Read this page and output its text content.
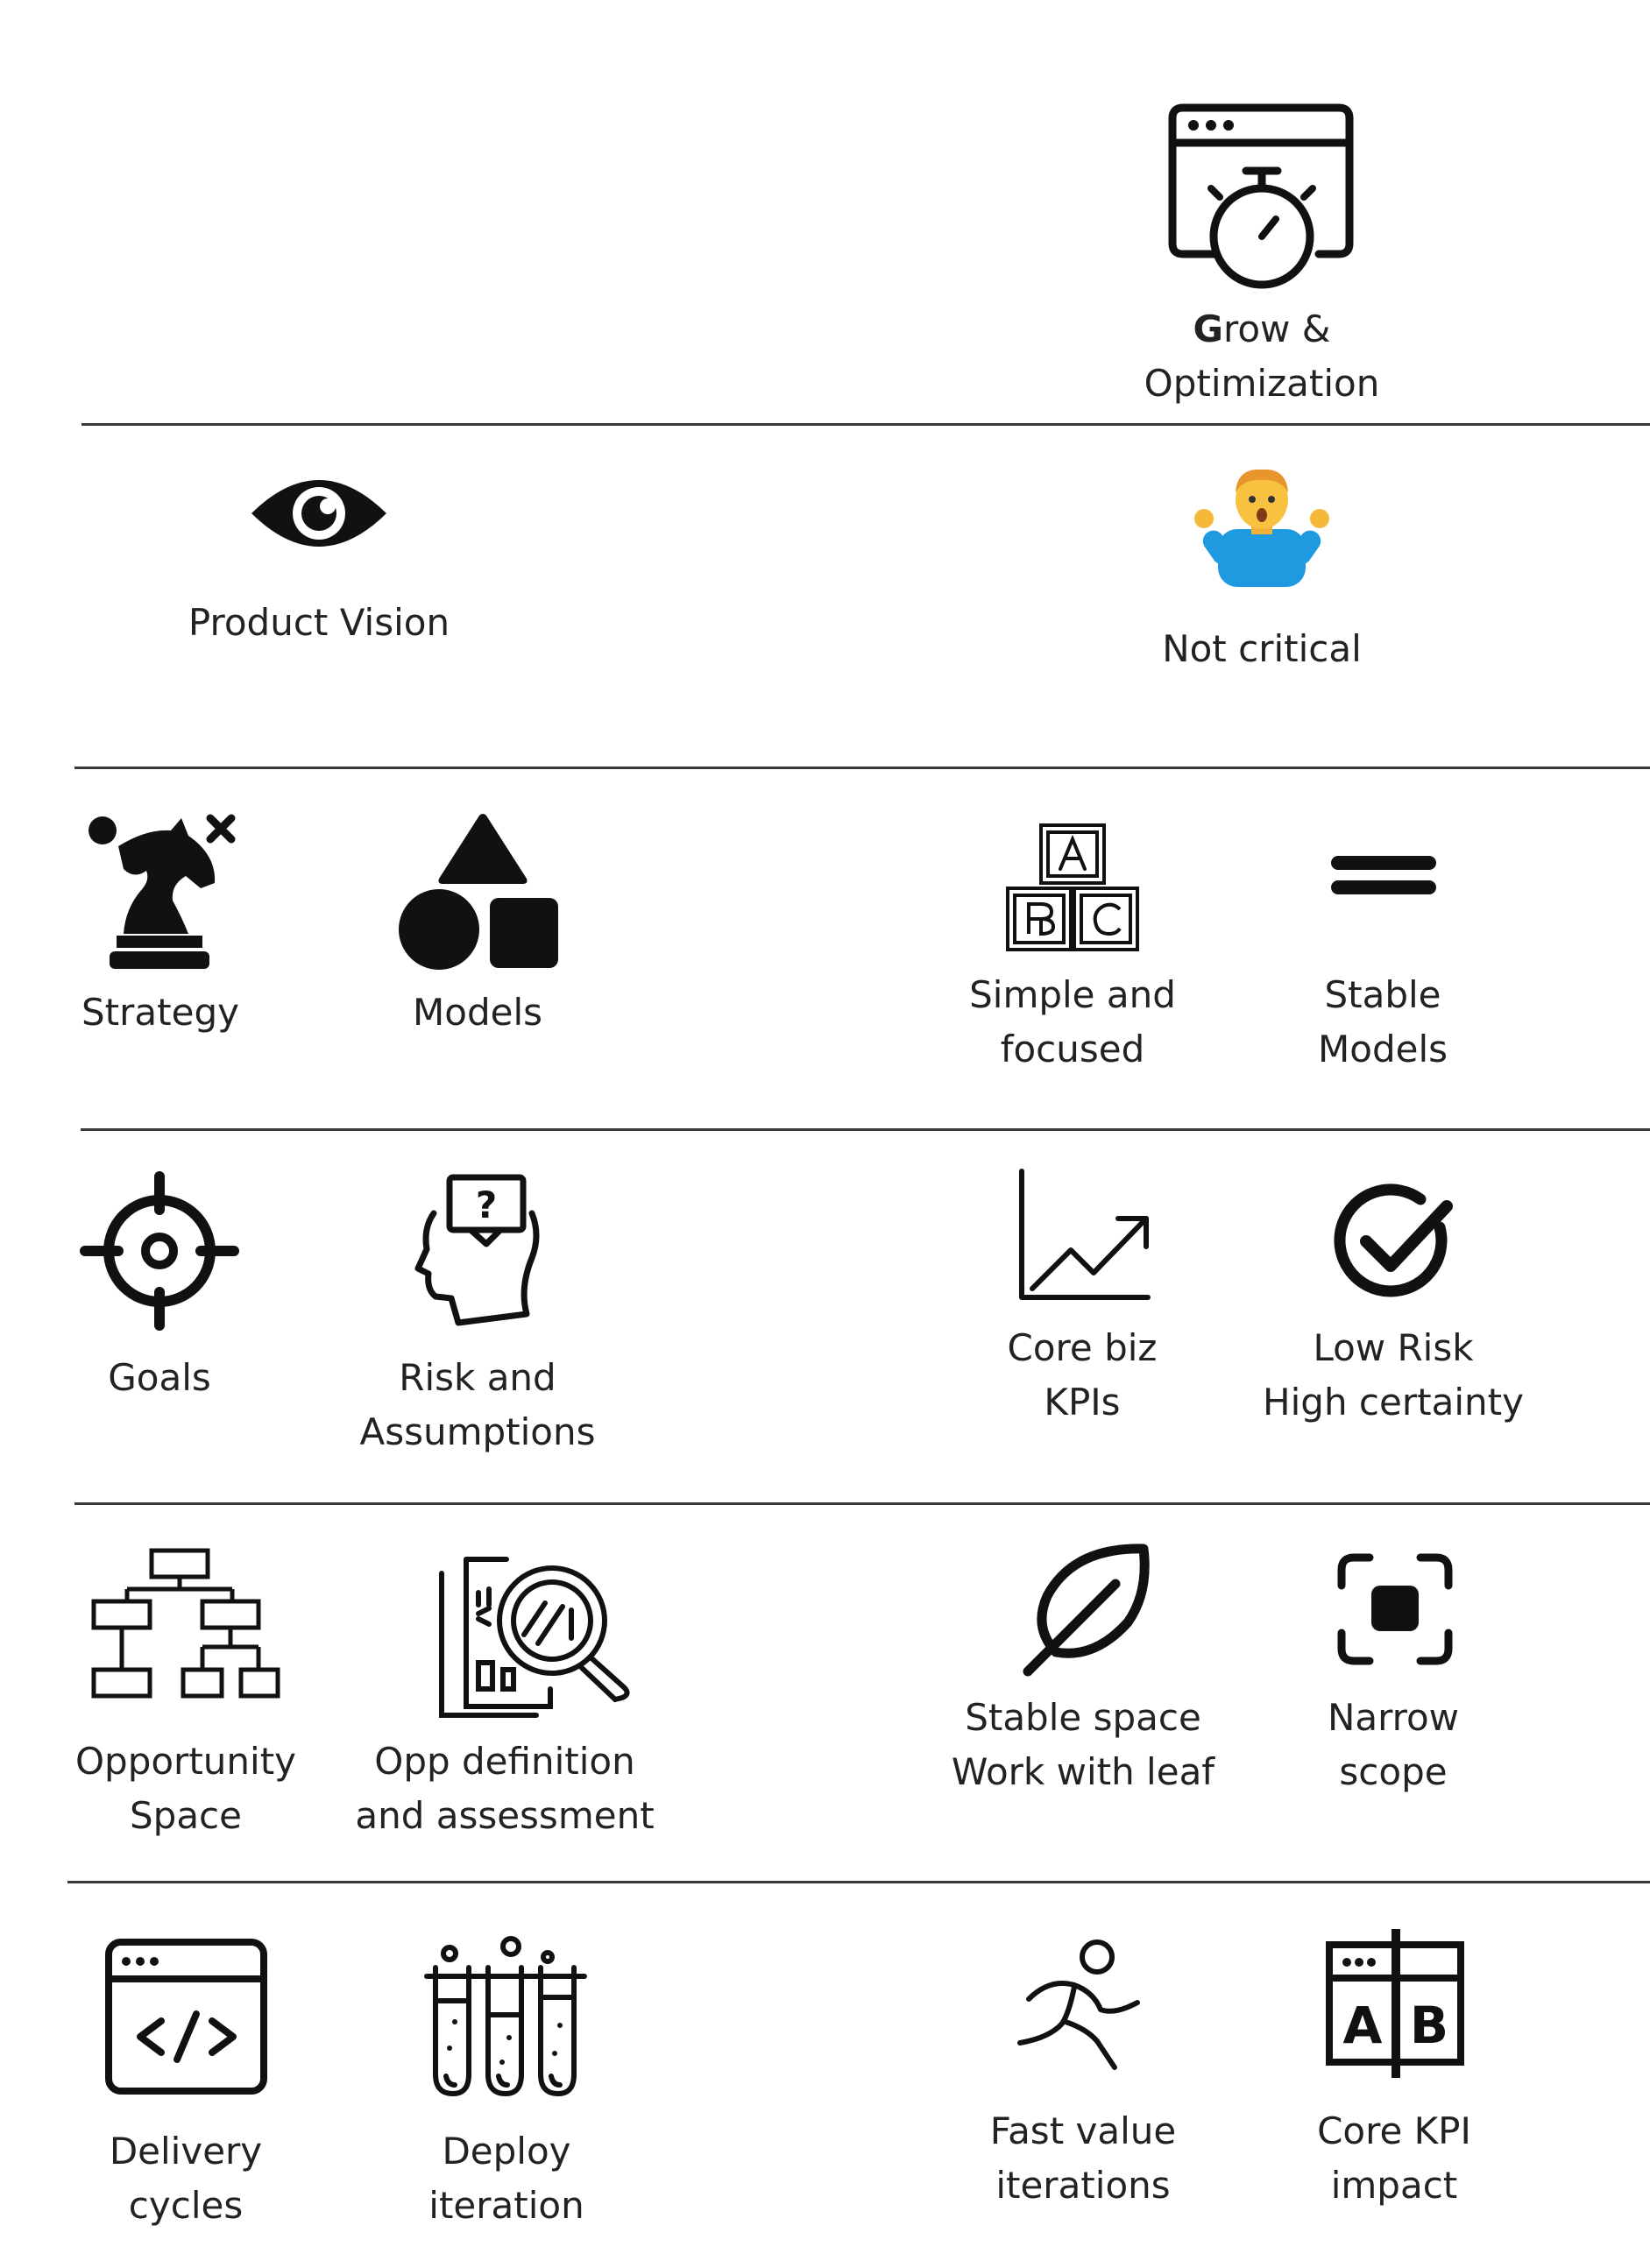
Grow &
Optimization
Product Vision
Not critical
Strategy	Models	Simple and
focused
Stable
Models
Goals
?
Risk and
Assumptions
Core biz
KPIs
Low Risk
High certainty
Opportunity
Space
Opp definition
and assessment
Stable space
Work with leaf
Narrow
scope
Delivery
cycles
Deploy
iteration
Fast value
iterations
A B
Core KPI
impact
